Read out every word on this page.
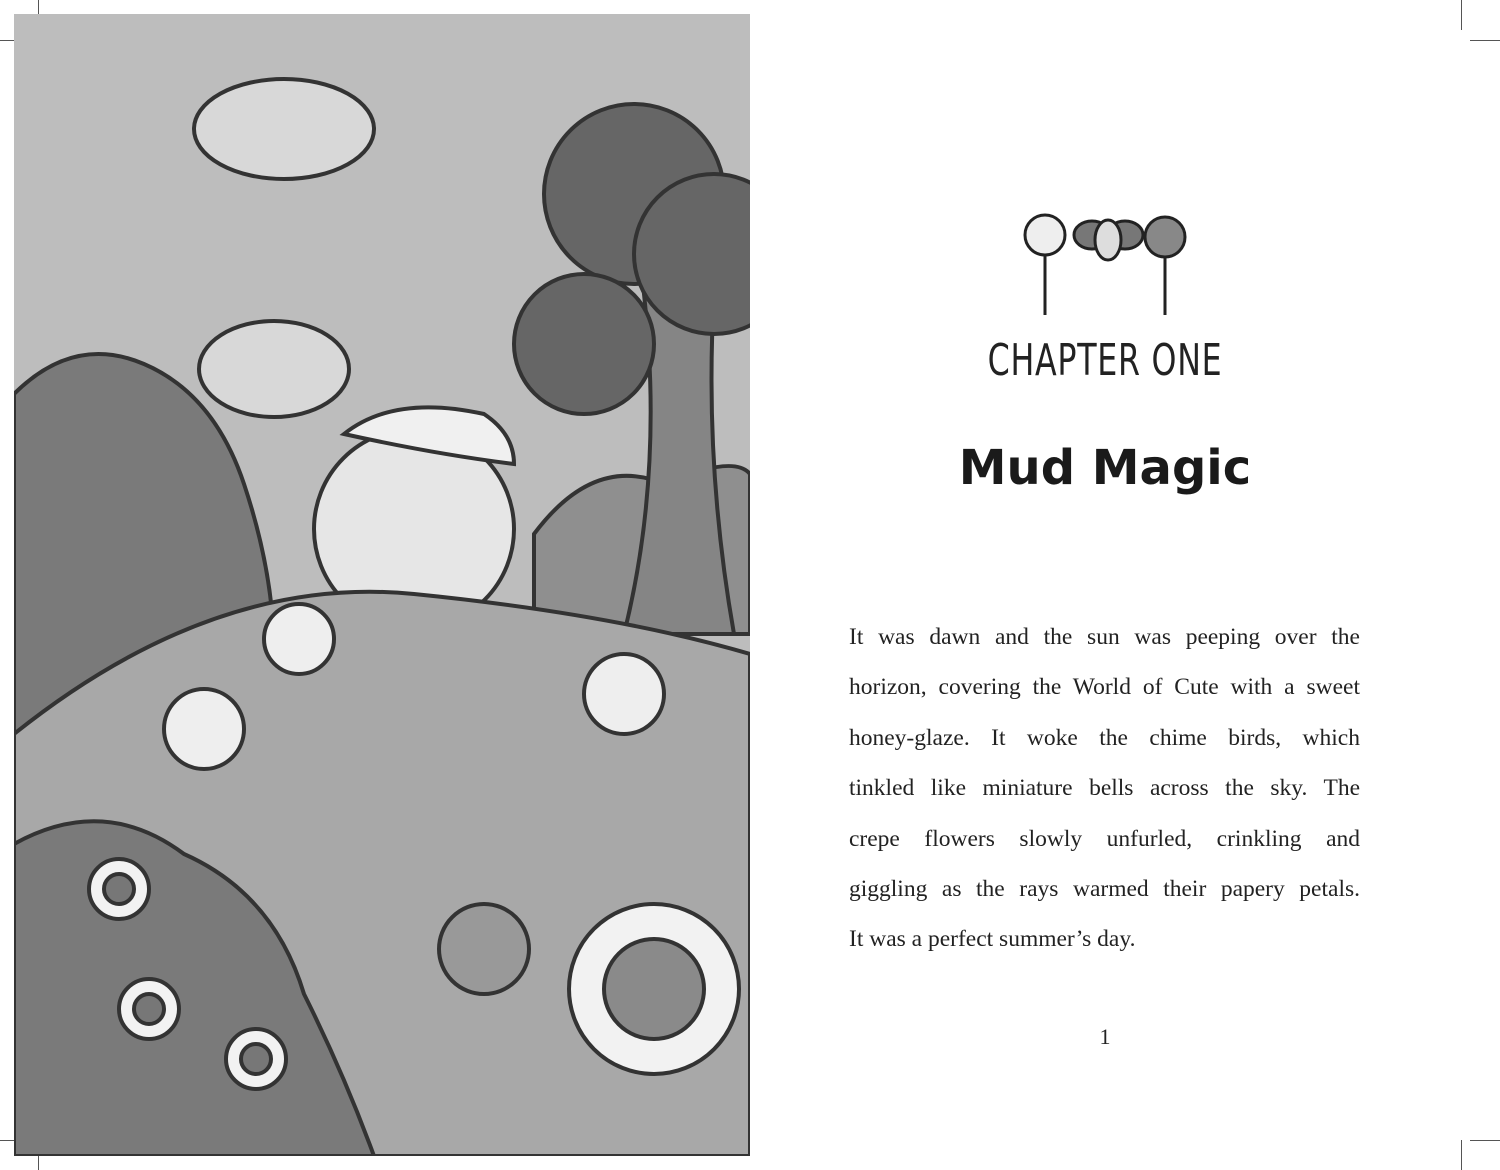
CHAPTER ONE
Mud Magic
It was dawn and the sun was peeping over the
horizon, covering the World of Cute with a sweet
honey-glaze. It woke the chime birds, which
tinkled like miniature bells across the sky. The
crepe flowers slowly unfurled, crinkling and
giggling as the rays warmed their papery petals.
It was a perfect summer’s day.
1
